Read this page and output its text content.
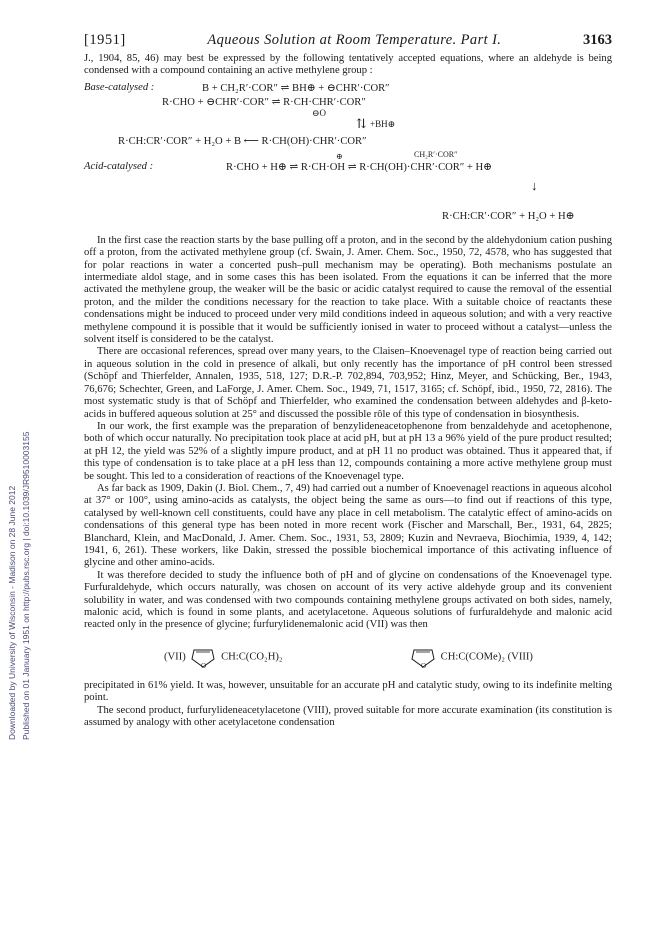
Downloaded by University of Wisconsin - Madison on 28 June 2012 Published on 01 January 1951 on http://pubs.rsc.org | doi:10.1039/JR9510003155
[1951]	Aqueous Solution at Room Temperature. Part I.	3163

J., 1904, 85, 46) may best be expressed by the following tentatively accepted equations, where an aldehyde is being condensed with a compound containing an active methylene group :

Base-catalysed :	B + CH₂R′·COR″ ⇌ BH⊕ + ⊖CHR′·COR″
R·CHO + ⊖CHR′·COR″ ⇌ R·CH·CHR′·COR″
⊖O
⇅ +BH⊕
R·CH:CR′·COR″ + H₂O + B ⟵ R·CH(OH)·CHR′·COR″
CH₂R′·COR″
⊕
Acid-catalysed :	R·CHO + H⊕ ⇌ R·CH·OH ⇌ R·CH(OH)·CHR′·COR″ + H⊕
↓
R·CH:CR′·COR″ + H₂O + H⊕

In the first case the reaction starts by the base pulling off a proton, and in the second by the aldehydonium cation pushing off a proton, from the activated methylene group (cf. Swain, J. Amer. Chem. Soc., 1950, 72, 4578, who has suggested that for polar reactions in water a concerted push–pull mechanism may be operating). Both mechanisms postulate an intermediate aldol stage, and in some cases this has been isolated. From the equations it can be inferred that the more activated the methylene group, the weaker will be the basic or acidic catalyst required to cause the removal of the essential proton, and the milder the conditions necessary for the reaction to take place. With a suitable choice of reactants these condensations might be induced to proceed under very mild conditions indeed in aqueous solution; and with a very reactive methylene compound it is possible that it would be sufficiently ionised in water to proceed without a catalyst—unless the solvent itself is considered to be the catalyst.

There are occasional references, spread over many years, to the Claisen–Knoevenagel type of reaction being carried out in aqueous solution in the cold in presence of alkali, but only recently has the importance of pH control been stressed (Schöpf and Thierfelder, Annalen, 1935, 518, 127; D.R.-P. 702,894, 703,952; Hinz, Meyer, and Schücking, Ber., 1943, 76,676; Schechter, Green, and LaForge, J. Amer. Chem. Soc., 1949, 71, 1517, 3165; cf. Schöpf, ibid., 1950, 72, 2816). The most systematic study is that of Schöpf and Thierfelder, who examined the condensation between aldehydes and β-keto-acids in buffered aqueous solution at 25° and discussed the possible rôle of this type of condensation in biosynthesis.

In our work, the first example was the preparation of benzylideneacetophenone from benzaldehyde and acetophenone, both of which occur naturally. No precipitation took place at acid pH, but at pH 13 a 96% yield of the pure product resulted; at pH 12, the yield was 52% of a slightly impure product, and at pH 11 no product was obtained. Thus it appeared that, if this type of condensation is to take place at a pH less than 12, compounds containing a more active methylene group must be sought. This led to a consideration of reactions of the Knoevenagel type.

As far back as 1909, Dakin (J. Biol. Chem., 7, 49) had carried out a number of Knoevenagel reactions in aqueous alcohol at 37° or 100°, using amino-acids as catalysts, the object being the same as ours—to find out if reactions of this type, catalysed by well-known cell constituents, could have any place in cell metabolism. The catalytic effect of amino-acids on condensations of this general type has been noted in more recent work (Fischer and Marschall, Ber., 1931, 64, 2825; Blanchard, Klein, and MacDonald, J. Amer. Chem. Soc., 1931, 53, 2809; Kuzin and Nevraeva, Biochimia, 1939, 4, 142; 1941, 6, 261). These workers, like Dakin, stressed the possible biochemical importance of this activating influence of glycine and other amino-acids.

It was therefore decided to study the influence both of pH and of glycine on condensations of the Knoevenagel type. Furfuraldehyde, which occurs naturally, was chosen on account of its very active aldehyde group and its convenient solubility in water, and was condensed with two compounds containing methylene groups activated on both sides, namely, malonic acid, which is found in some plants, and acetylacetone. Aqueous solutions of furfuraldehyde and malonic acid reacted only in the presence of glycine; furfurylidenemalonic acid (VII) was then

(VII)
O
CH:C(CO₂H)₂
O
CH:C(COMe)₂ (VIII)

precipitated in 61% yield. It was, however, unsuitable for an accurate pH and catalytic study, owing to its indefinite melting point.

The second product, furfurylideneacetylacetone (VIII), proved suitable for more accurate examination (its constitution is assumed by analogy with other acetylacetone condensation
